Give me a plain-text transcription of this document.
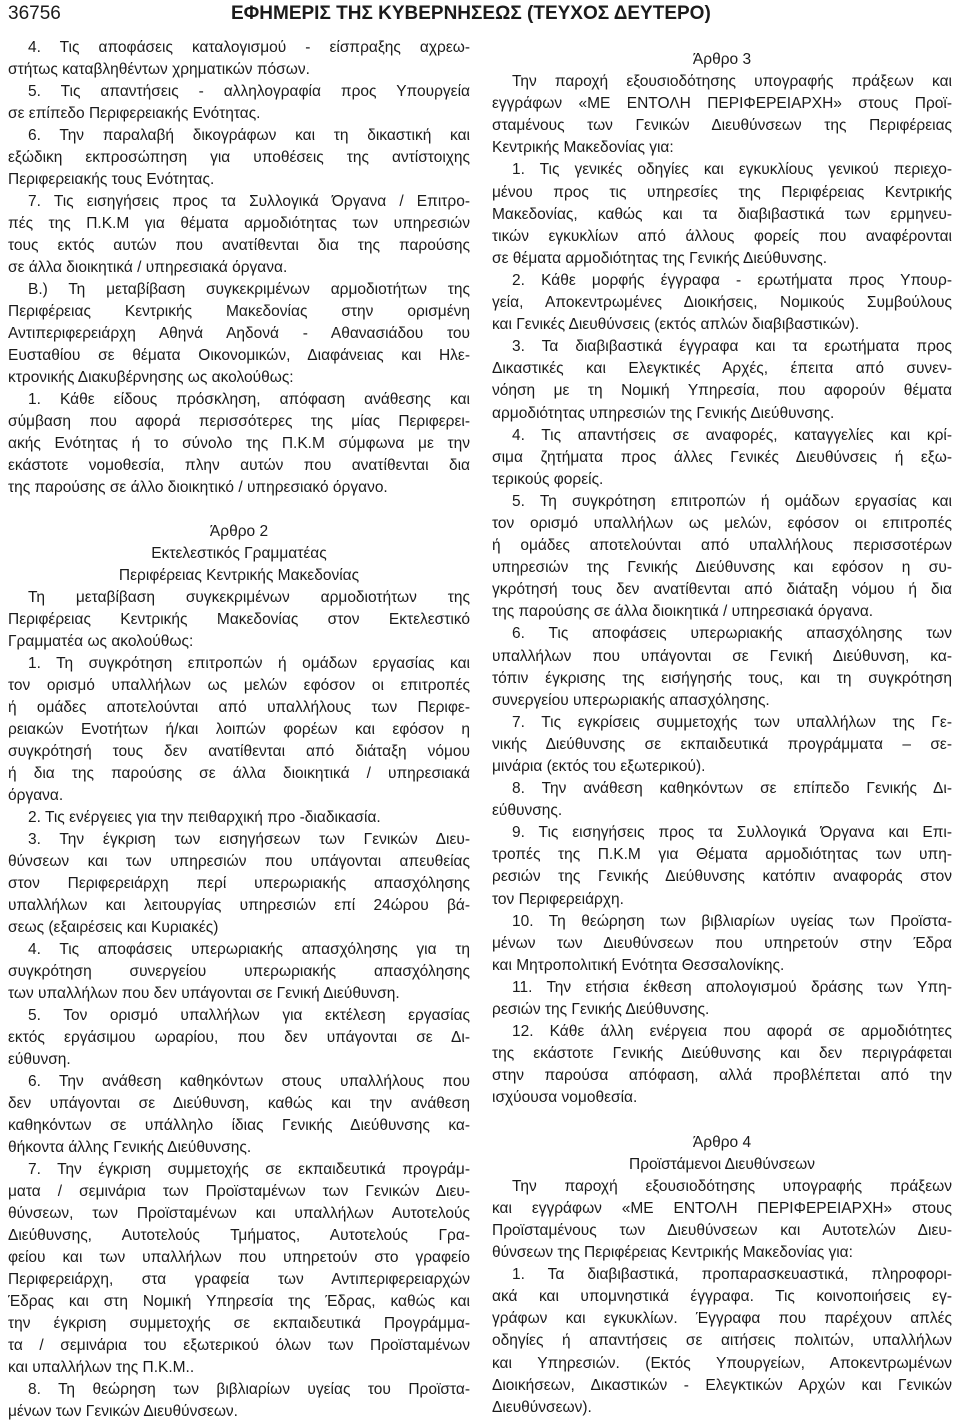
36756	ΕΦΗΜΕΡΙΣ ΤΗΣ ΚΥΒΕΡΝΗΣΕΩΣ (ΤΕΥΧΟΣ ΔΕΥΤΕΡΟ)
4. Τις αποφάσεις καταλογισμού - είσπραξης αχρεω-
στήτως καταβληθέντων χρηματικών πόσων.
5. Τις απαντήσεις - αλληλογραφία προς Υπουργεία
σε επίπεδο Περιφερειακής Ενότητας.
6. Την παραλαβή δικογράφων και τη δικαστική και
εξώδικη εκπροσώπηση για υποθέσεις της αντίστοιχης
Περιφερειακής τους Ενότητας.
7. Τις εισηγήσεις προς τα Συλλογικά Όργανα / Επιτρο-
πές της Π.Κ.Μ για θέματα αρμοδιότητας των υπηρεσιών
τους εκτός αυτών που ανατίθενται δια της παρούσης
σε άλλα διοικητικά / υπηρεσιακά όργανα.
Β.) Τη μεταβίβαση συγκεκριμένων αρμοδιοτήτων της
Περιφέρειας Κεντρικής Μακεδονίας στην ορισμένη
Αντιπεριφερειάρχη Αθηνά Αηδονά - Αθανασιάδου του
Ευσταθίου σε θέματα Οικονομικών, Διαφάνειας και Ηλε-
κτρονικής Διακυβέρνησης ως ακολούθως:
1. Κάθε είδους πρόσκληση, απόφαση ανάθεσης και
σύμβαση που αφορά περισσότερες της μίας Περιφερει-
ακής Ενότητας ή το σύνολο της Π.Κ.Μ σύμφωνα με την
εκάστοτε νομοθεσία, πλην αυτών που ανατίθενται δια
της παρούσης σε άλλο διοικητικό / υπηρεσιακό όργανο.
Άρθρο 2
Εκτελεστικός Γραμματέας
Περιφέρειας Κεντρικής Μακεδονίας
Τη μεταβίβαση συγκεκριμένων αρμοδιοτήτων της
Περιφέρειας Κεντρικής Μακεδονίας στον Εκτελεστικό
Γραμματέα ως ακολούθως:
1. Τη συγκρότηση επιτροπών ή ομάδων εργασίας και
τον ορισμό υπαλλήλων ως μελών εφόσον οι επιτροπές
ή ομάδες αποτελούνται από υπαλλήλους των Περιφε-
ρειακών Ενοτήτων ή/και λοιπών φορέων και εφόσον η
συγκρότησή τους δεν ανατίθενται από διάταξη νόμου
ή δια της παρούσης σε άλλα διοικητικά / υπηρεσιακά
όργανα.
2. Τις ενέργειες για την πειθαρχική προ -διαδικασία.
3. Την έγκριση των εισηγήσεων των Γενικών Διευ-
θύνσεων και των υπηρεσιών που υπάγονται απευθείας
στον Περιφερειάρχη περί υπερωριακής απασχόλησης
υπαλλήλων και λειτουργίας υπηρεσιών επί 24ώρου βά-
σεως (εξαιρέσεις και Κυριακές)
4. Τις αποφάσεις υπερωριακής απασχόλησης για τη
συγκρότηση συνεργείου υπερωριακής απασχόλησης
των υπαλλήλων που δεν υπάγονται σε Γενική Διεύθυνση.
5. Τον ορισμό υπαλλήλων για εκτέλεση εργασίας
εκτός εργάσιμου ωραρίου, που δεν υπάγονται σε Δι-
εύθυνση.
6. Την ανάθεση καθηκόντων στους υπαλλήλους που
δεν υπάγονται σε Διεύθυνση, καθώς και την ανάθεση
καθηκόντων σε υπάλληλο ίδιας Γενικής Διεύθυνσης κα-
θήκοντα άλλης Γενικής Διεύθυνσης.
7. Την έγκριση συμμετοχής σε εκπαιδευτικά προγράμ-
ματα / σεμινάρια των Προϊσταμένων των Γενικών Διευ-
θύνσεων, των Προϊσταμένων και υπαλλήλων Αυτοτελούς
Διεύθυνσης, Αυτοτελούς Τμήματος, Αυτοτελούς Γρα-
φείου και των υπαλλήλων που υπηρετούν στο γραφείο
Περιφερειάρχη, στα γραφεία των Αντιπεριφερειαρχών
Έδρας και στη Νομική Υπηρεσία της Έδρας, καθώς και
την έγκριση συμμετοχής σε εκπαιδευτικά Προγράμμα-
τα / σεμινάρια του εξωτερικού όλων των Προϊσταμένων
και υπαλλήλων της Π.Κ.Μ..
8. Τη θεώρηση των βιβλιαρίων υγείας του Προϊστα-
μένων των Γενικών Διευθύνσεων.
Άρθρο 3
Την παροχή εξουσιοδότησης υπογραφής πράξεων και
εγγράφων «ΜΕ ΕΝΤΟΛΗ ΠΕΡΙΦΕΡΕΙΑΡΧΗ» στους Προϊ-
σταμένους των Γενικών Διευθύνσεων της Περιφέρειας
Κεντρικής Μακεδονίας για:
1. Τις γενικές οδηγίες και εγκυκλίους γενικού περιεχο-
μένου προς τις υπηρεσίες της Περιφέρειας Κεντρικής
Μακεδονίας, καθώς και τα διαβιβαστικά των ερμηνευ-
τικών εγκυκλίων από άλλους φορείς που αναφέρονται
σε θέματα αρμοδιότητας της Γενικής Διεύθυνσης.
2. Κάθε μορφής έγγραφα - ερωτήματα προς Υπουρ-
γεία, Αποκεντρωμένες Διοικήσεις, Νομικούς Συμβούλους
και Γενικές Διευθύνσεις (εκτός απλών διαβιβαστικών).
3. Τα διαβιβαστικά έγγραφα και τα ερωτήματα προς
Δικαστικές και Ελεγκτικές Αρχές, έπειτα από συνεν-
νόηση με τη Νομική Υπηρεσία, που αφορούν θέματα
αρμοδιότητας υπηρεσιών της Γενικής Διεύθυνσης.
4. Τις απαντήσεις σε αναφορές, καταγγελίες και κρί-
σιμα ζητήματα προς άλλες Γενικές Διευθύνσεις ή εξω-
τερικούς φορείς.
5. Τη συγκρότηση επιτροπών ή ομάδων εργασίας και
τον ορισμό υπαλλήλων ως μελών, εφόσον οι επιτροπές
ή ομάδες αποτελούνται από υπαλλήλους περισσοτέρων
υπηρεσιών της Γενικής Διεύθυνσης και εφόσον η συ-
γκρότησή τους δεν ανατίθενται από διάταξη νόμου ή δια
της παρούσης σε άλλα διοικητικά / υπηρεσιακά όργανα.
6. Τις αποφάσεις υπερωριακής απασχόλησης των
υπαλλήλων που υπάγονται σε Γενική Διεύθυνση, κα-
τόπιν έγκρισης της εισήγησής τους, και τη συγκρότηση
συνεργείου υπερωριακής απασχόλησης.
7. Τις εγκρίσεις συμμετοχής των υπαλλήλων της Γε-
νικής Διεύθυνσης σε εκπαιδευτικά προγράμματα – σε-
μινάρια (εκτός του εξωτερικού).
8. Την ανάθεση καθηκόντων σε επίπεδο Γενικής Δι-
εύθυνσης.
9. Τις εισηγήσεις προς τα Συλλογικά Όργανα και Επι-
τροπές της Π.Κ.Μ για Θέματα αρμοδιότητας των υπη-
ρεσιών της Γενικής Διεύθυνσης κατόπιν αναφοράς στον
τον Περιφερειάρχη.
10. Τη θεώρηση των βιβλιαρίων υγείας των Προϊστα-
μένων των Διευθύνσεων που υπηρετούν στην Έδρα
και Μητροπολιτική Ενότητα Θεσσαλονίκης.
11. Την ετήσια έκθεση απολογισμού δράσης των Υπη-
ρεσιών της Γενικής Διεύθυνσης.
12. Κάθε άλλη ενέργεια που αφορά σε αρμοδιότητες
της εκάστοτε Γενικής Διεύθυνσης και δεν περιγράφεται
στην παρούσα απόφαση, αλλά προβλέπεται από την
ισχύουσα νομοθεσία.
Άρθρο 4
Προϊστάμενοι Διευθύνσεων
Την παροχή εξουσιοδότησης υπογραφής πράξεων
και εγγράφων «ΜΕ ΕΝΤΟΛΗ ΠΕΡΙΦΕΡΕΙΑΡΧΗ» στους
Προϊσταμένους των Διευθύνσεων και Αυτοτελών Διευ-
θύνσεων της Περιφέρειας Κεντρικής Μακεδονίας για:
1. Τα διαβιβαστικά, προπαρασκευαστικά, πληροφορι-
ακά και υπομνηστικά έγγραφα. Τις κοινοποιήσεις εγ-
γράφων και εγκυκλίων. Έγγραφα που παρέχουν απλές
οδηγίες ή απαντήσεις σε αιτήσεις πολιτών, υπαλλήλων
και Υπηρεσιών. (Εκτός Υπουργείων, Αποκεντρωμένων
Διοικήσεων, Δικαστικών - Ελεγκτικών Αρχών και Γενικών
Διευθύνσεων).
